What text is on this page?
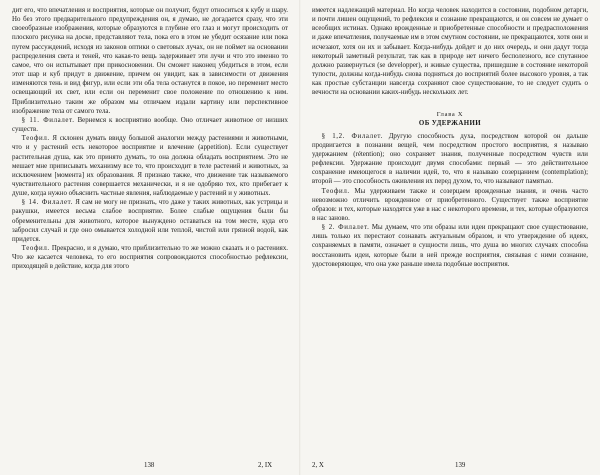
дит его, что впечатления и восприятия, которые он получит, будут относиться к кубу и шару. Но без этого предварительного предупреждения он, я думаю, не догадается сразу, что эти своеобразные изображения, которые образуются в глубине его глаз и могут происходить от плоского рисунка на доске, представляют тела, пока его в этом не убедит осязание или пока путем рассуждений, исходя из законов оптики о световых лучах, он не поймет на основании распределения света и теней, что какая-то вещь задерживает эти лучи и что это именно то самое, что он испытывает при прикосновении. Он сможет наконец убедиться в этом, если этот шар и куб придут в движение, причем он увидит, как в зависимости от движения изменяются тень и вид фигур, или если эти оба тела останутся в покое, но переменит место освещающий их свет, или если он переменит свое положение по отношению к ним. Приблизительно таким же образом мы отличаем издали картину или перспективное изображение тела от самого тела.

§ 11. Филалет. Вернемся к восприятию вообще. Оно отличает животное от низших существ.

Теофил. Я склонен думать ввиду большой аналогии между растениями и животными, что и у растений есть некоторое восприятие и влечение (appetition). Если существует растительная душа, как это принято думать, то она должна обладать восприятием. Это не мешает мне приписывать механизму все то, что происходит в теле растений и животных, за исключением [момента] их образования. Я признаю также, что движение так называемого чувствительного растения совершается механически, и я не одобряю тех, кто прибегает к душе, когда нужно объяснить частные явления, наблюдаемые у растений и у животных.

§ 14. Филалет. Я сам не могу не признать, что даже у таких животных, как устрицы и ракушки, имеется весьма слабое восприятие. Более слабые ощущения были бы обременительны для животного, которое вынуждено оставаться на том месте, куда его забросил случай и где оно омывается холодной или теплой, чистой или грязной водой, как придется.

Теофил. Прекрасно, и я думаю, что приблизительно то же можно сказать и о растениях. Что же касается человека, то его восприятия сопровождаются способностью рефлексии, приходящей в действие, когда для этого

138	2, IX

имеется надлежащий материал. Но когда человек находится в состоянии, подобном детарги, и почти лишен ощущений, то рефлексия и сознание прекращаются, и он совсем не думает о всеобщих истинах. Однако врожденные и приобретенные способности и предрасположения и даже впечатления, получаемые им в этом смутном состоянии, не прекращаются, хотя они и исчезают, хотя он их и забывает. Когда-нибудь дойдет и до них очередь, и они дадут тогда некоторый заметный результат, так как в природе нет ничего бесполезного, все спутанное должно развернуться (se developper), и живые существа, пришедшие в состояние некоторой тупости, должны когда-нибудь снова подняться до восприятий более высокого уровня, а так как простые субстанции навсегда сохраняют свое существование, то не следует судить о вечности на основании каких-нибудь нескольких лет.

Глава X
ОБ УДЕРЖАНИИ

§ 1,2. Филалет. Другую способность духа, посредством которой он дальше продвигается в познании вещей, чем посредством простого восприятия, я называю удержанием (rétention); оно сохраняет знания, полученные посредством чувств или рефлексии. Удержание происходит двумя способами: первый — это действительное сохранение имеющегося в наличии идей, то, что я называю созерцанием (contemplation); второй — это способность оживления их перед духом, то, что называют памятью.

Теофил. Мы удерживаем также и созерцаем врожденные знания, и очень часто невозможно отличить врожденное от приобретенного. Существует также восприятие образов: и тех, которые находятся уже в нас с некоторого времени, и тех, которые образуются в нас заново.

§ 2. Филалет. Мы думаем, что эти образы или идеи прекращают свое существование, лишь только их перестают сознавать актуальным образом, и что утверждение об идеях, сохраняемых в памяти, означает в сущности лишь, что душа во многих случаях способна восстановить идеи, которые были в ней прежде восприятия, связывая с ними сознание, удостоверяющее, что она уже раньше имела подобные восприятия.

2, X	139
